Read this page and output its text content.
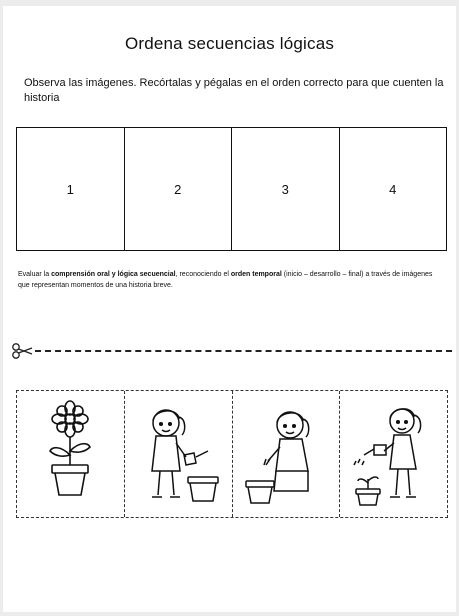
Ordena secuencias lógicas
Observa las imágenes. Recórtalas y pégalas en el orden correcto para que cuenten la historia
1	2	3	4
Evaluar la comprensión oral y lógica secuencial, reconociendo el orden temporal (inicio – desarrollo – final) a través de imágenes que representan momentos de una historia breve.
